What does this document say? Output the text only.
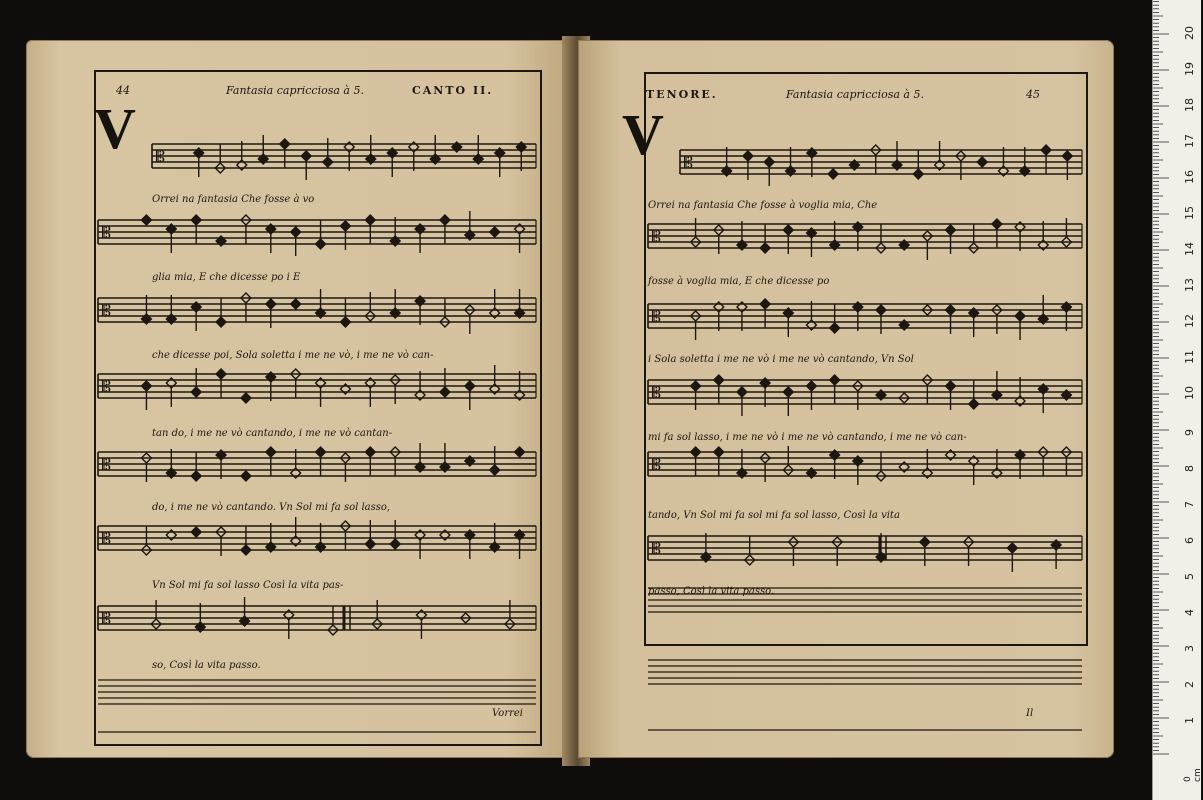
44	Fantasia capricciosa à 5.	CANTO II.
V 𝄡
𝄡
𝄡
𝄡
𝄡
𝄡
𝄡
Orrei na fantasia Che fosse à vo
glia mia, E che dicesse po i E
che dicesse poi, Sola soletta i me ne vò, i me ne vò can-
tan do, i me ne vò cantando, i me ne vò cantan-
do, i me ne vò cantando. Vn Sol mi fa sol lasso,
Vn Sol mi fa sol lasso Così la vita pas-
so, Così la vita passo.
Vorrei
TENORE.	Fantasia capricciosa à 5.	45
V 𝄡
𝄡
𝄡
𝄡
𝄡
𝄡
Orrei na fantasia Che fosse à voglia mia, Che
fosse à voglia mia, E che dicesse po
i Sola soletta i me ne vò i me ne vò cantando, Vn Sol
mi fa sol lasso, i me ne vò i me ne vò cantando, i me ne vò can-
tando, Vn Sol mi fa sol mi fa sol lasso, Così la vita
passo, Così la vita passo.
Il
20
19
18
17
16
15
14
13
12
11
10
9
8
7
6
5
4
3
2
1
0 cm
